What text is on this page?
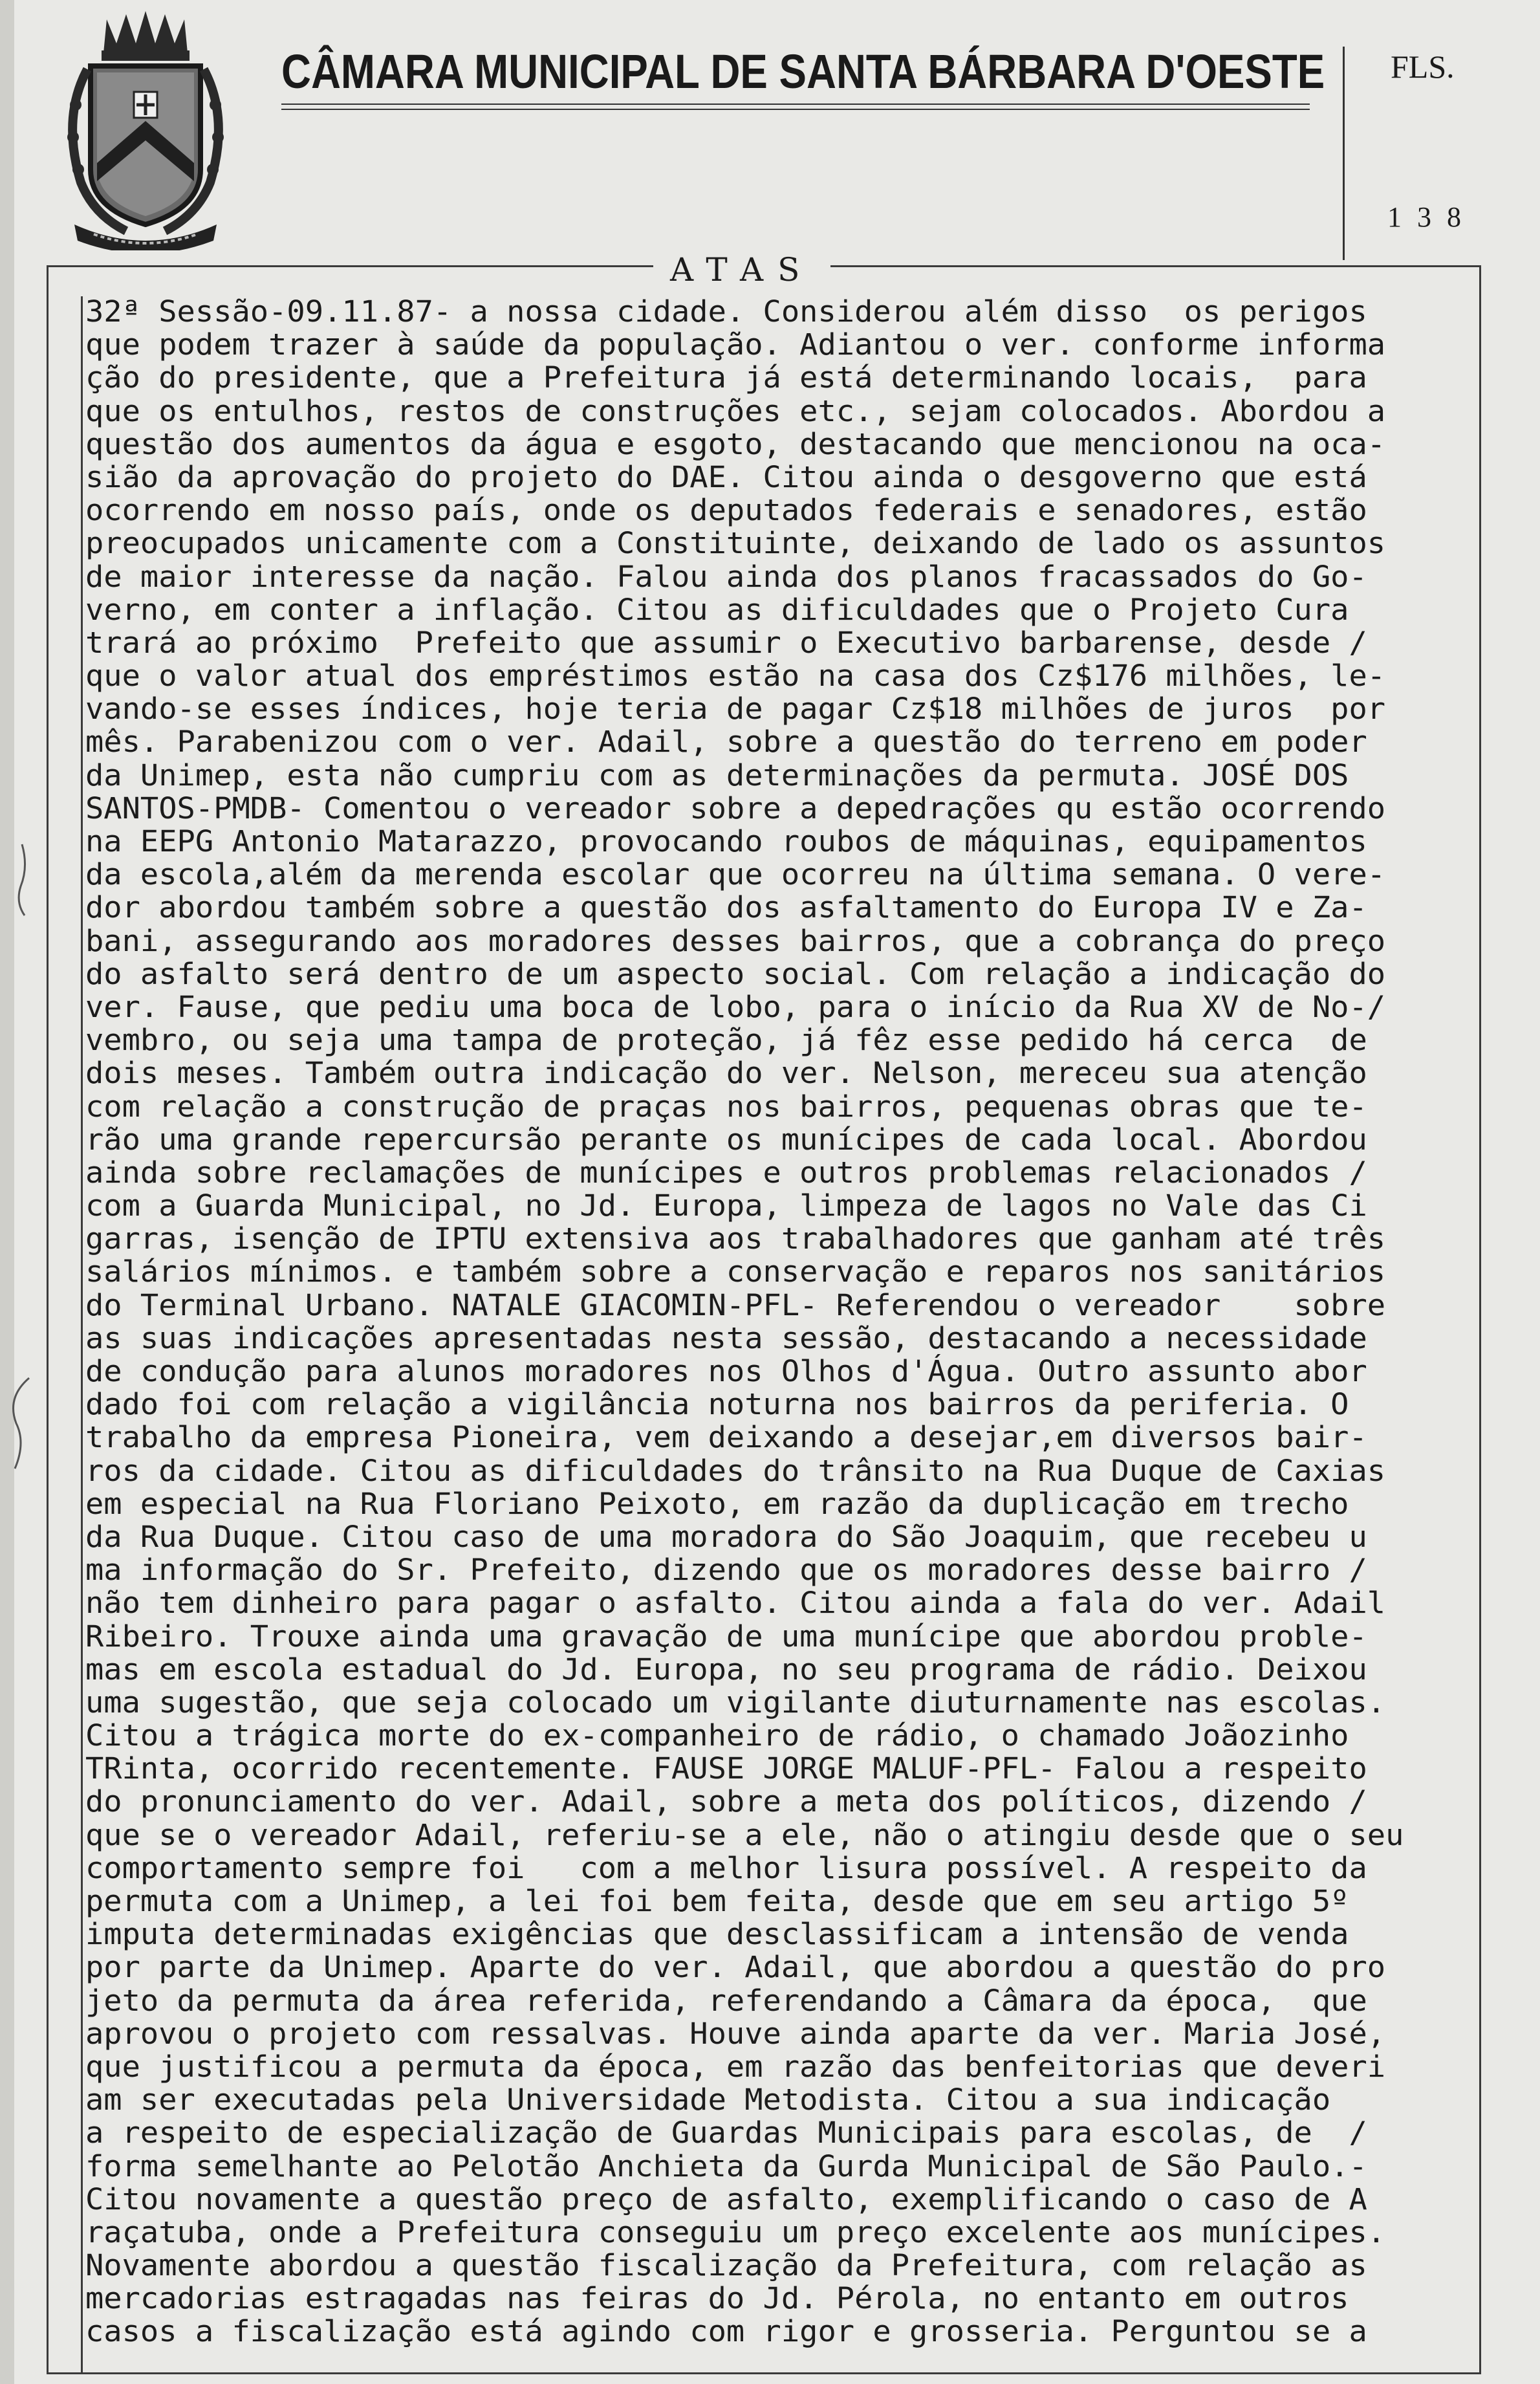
CÂMARA MUNICIPAL DE SANTA BÁRBARA D'OESTE FLS.
138
ATAS
32ª Sessão-09.11.87- a nossa cidade. Considerou além disso  os perigos
que podem trazer à saúde da população. Adiantou o ver. conforme informa
ção do presidente, que a Prefeitura já está determinando locais,  para
que os entulhos, restos de construções etc., sejam colocados. Abordou a
questão dos aumentos da água e esgoto, destacando que mencionou na oca-
sião da aprovação do projeto do DAE. Citou ainda o desgoverno que está
ocorrendo em nosso país, onde os deputados federais e senadores, estão
preocupados unicamente com a Constituinte, deixando de lado os assuntos
de maior interesse da nação. Falou ainda dos planos fracassados do Go-
verno, em conter a inflação. Citou as dificuldades que o Projeto Cura
trará ao próximo  Prefeito que assumir o Executivo barbarense, desde /
que o valor atual dos empréstimos estão na casa dos Cz$176 milhões, le-
vando-se esses índices, hoje teria de pagar Cz$18 milhões de juros  por
mês. Parabenizou com o ver. Adail, sobre a questão do terreno em poder
da Unimep, esta não cumpriu com as determinações da permuta. JOSÉ DOS
SANTOS-PMDB- Comentou o vereador sobre a depedrações qu estão ocorrendo
na EEPG Antonio Matarazzo, provocando roubos de máquinas, equipamentos
da escola,além da merenda escolar que ocorreu na última semana. O vere-
dor abordou também sobre a questão dos asfaltamento do Europa IV e Za-
bani, assegurando aos moradores desses bairros, que a cobrança do preço
do asfalto será dentro de um aspecto social. Com relação a indicação do
ver. Fause, que pediu uma boca de lobo, para o início da Rua XV de No-/
vembro, ou seja uma tampa de proteção, já fêz esse pedido há cerca  de
dois meses. Também outra indicação do ver. Nelson, mereceu sua atenção
com relação a construção de praças nos bairros, pequenas obras que te-
rão uma grande repercursão perante os munícipes de cada local. Abordou
ainda sobre reclamações de munícipes e outros problemas relacionados /
com a Guarda Municipal, no Jd. Europa, limpeza de lagos no Vale das Ci
garras, isenção de IPTU extensiva aos trabalhadores que ganham até três
salários mínimos. e também sobre a conservação e reparos nos sanitários
do Terminal Urbano. NATALE GIACOMIN-PFL- Referendou o vereador    sobre
as suas indicações apresentadas nesta sessão, destacando a necessidade
de condução para alunos moradores nos Olhos d'Água. Outro assunto abor
dado foi com relação a vigilância noturna nos bairros da periferia. O
trabalho da empresa Pioneira, vem deixando a desejar,em diversos bair-
ros da cidade. Citou as dificuldades do trânsito na Rua Duque de Caxias
em especial na Rua Floriano Peixoto, em razão da duplicação em trecho
da Rua Duque. Citou caso de uma moradora do São Joaquim, que recebeu u
ma informação do Sr. Prefeito, dizendo que os moradores desse bairro /
não tem dinheiro para pagar o asfalto. Citou ainda a fala do ver. Adail
Ribeiro. Trouxe ainda uma gravação de uma munícipe que abordou proble-
mas em escola estadual do Jd. Europa, no seu programa de rádio. Deixou
uma sugestão, que seja colocado um vigilante diuturnamente nas escolas.
Citou a trágica morte do ex-companheiro de rádio, o chamado Joãozinho
TRinta, ocorrido recentemente. FAUSE JORGE MALUF-PFL- Falou a respeito
do pronunciamento do ver. Adail, sobre a meta dos políticos, dizendo /
que se o vereador Adail, referiu-se a ele, não o atingiu desde que o seu
comportamento sempre foi   com a melhor lisura possível. A respeito da
permuta com a Unimep, a lei foi bem feita, desde que em seu artigo 5º
imputa determinadas exigências que desclassificam a intensão de venda
por parte da Unimep. Aparte do ver. Adail, que abordou a questão do pro
jeto da permuta da área referida, referendando a Câmara da época,  que
aprovou o projeto com ressalvas. Houve ainda aparte da ver. Maria José,
que justificou a permuta da época, em razão das benfeitorias que deveri
am ser executadas pela Universidade Metodista. Citou a sua indicação
a respeito de especialização de Guardas Municipais para escolas, de  /
forma semelhante ao Pelotão Anchieta da Gurda Municipal de São Paulo.-
Citou novamente a questão preço de asfalto, exemplificando o caso de A
raçatuba, onde a Prefeitura conseguiu um preço excelente aos munícipes.
Novamente abordou a questão fiscalização da Prefeitura, com relação as
mercadorias estragadas nas feiras do Jd. Pérola, no entanto em outros
casos a fiscalização está agindo com rigor e grosseria. Perguntou se a
